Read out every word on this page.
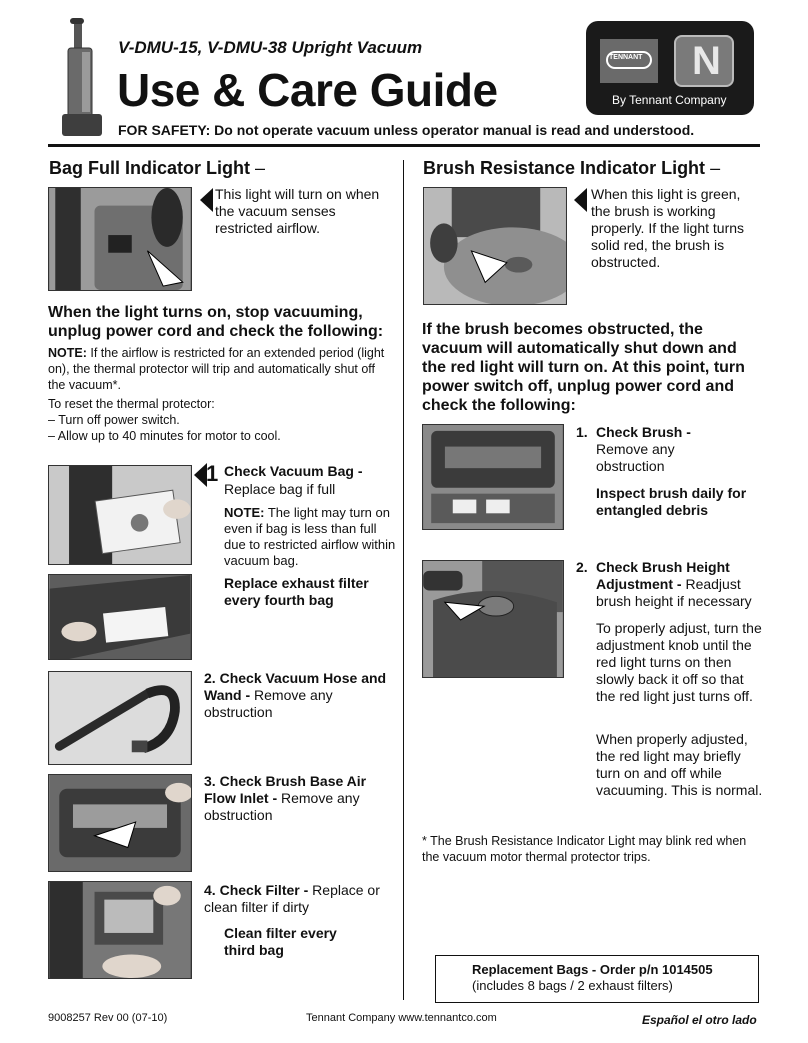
V-DMU-15, V-DMU-38 Upright Vacuum
Use & Care Guide
FOR SAFETY: Do not operate vacuum unless operator manual is read and understood.
TENNANT N
By Tennant Company
Bag Full Indicator Light –
This light will turn on when the vacuum senses restricted airflow.
When the light turns on, stop vacuuming, unplug power cord and check the following:
NOTE: If the airflow is restricted for an extended period (light on), the thermal protector will trip and automatically shut off the vacuum*.
To reset the thermal protector:
– Turn off power switch.
– Allow up to 40 minutes for motor to cool.
1 Check Vacuum Bag -
Replace bag if full
NOTE: The light may turn on even if bag is less than full due to restricted airflow within vacuum bag.
Replace exhaust filter every fourth bag
2. Check Vacuum Hose and Wand - Remove any obstruction
3. Check Brush Base Air Flow Inlet - Remove any obstruction
4. Check Filter - Replace or clean filter if dirty
Clean filter every third bag
Brush Resistance Indicator Light –
When this light is green, the brush is working properly. If the light turns solid red, the brush is obstructed.
If the brush becomes obstructed, the vacuum will automatically shut down and the red light will turn on. At this point, turn power switch off, unplug power cord and check the following:
1. Check Brush -
Remove any obstruction
Inspect brush daily for entangled debris
2. Check Brush Height Adjustment - Readjust brush height if necessary
To properly adjust, turn the adjustment knob until the red light turns on then slowly back it off so that the red light just turns off.
When properly adjusted, the red light may briefly turn on and off while vacuuming. This is normal.
* The Brush Resistance Indicator Light may blink red when the vacuum motor thermal protector trips.
Replacement Bags - Order p/n 1014505
(includes 8 bags / 2 exhaust filters)
9008257 Rev 00 (07-10)	Tennant Company www.tennantco.com	Español el otro lado
